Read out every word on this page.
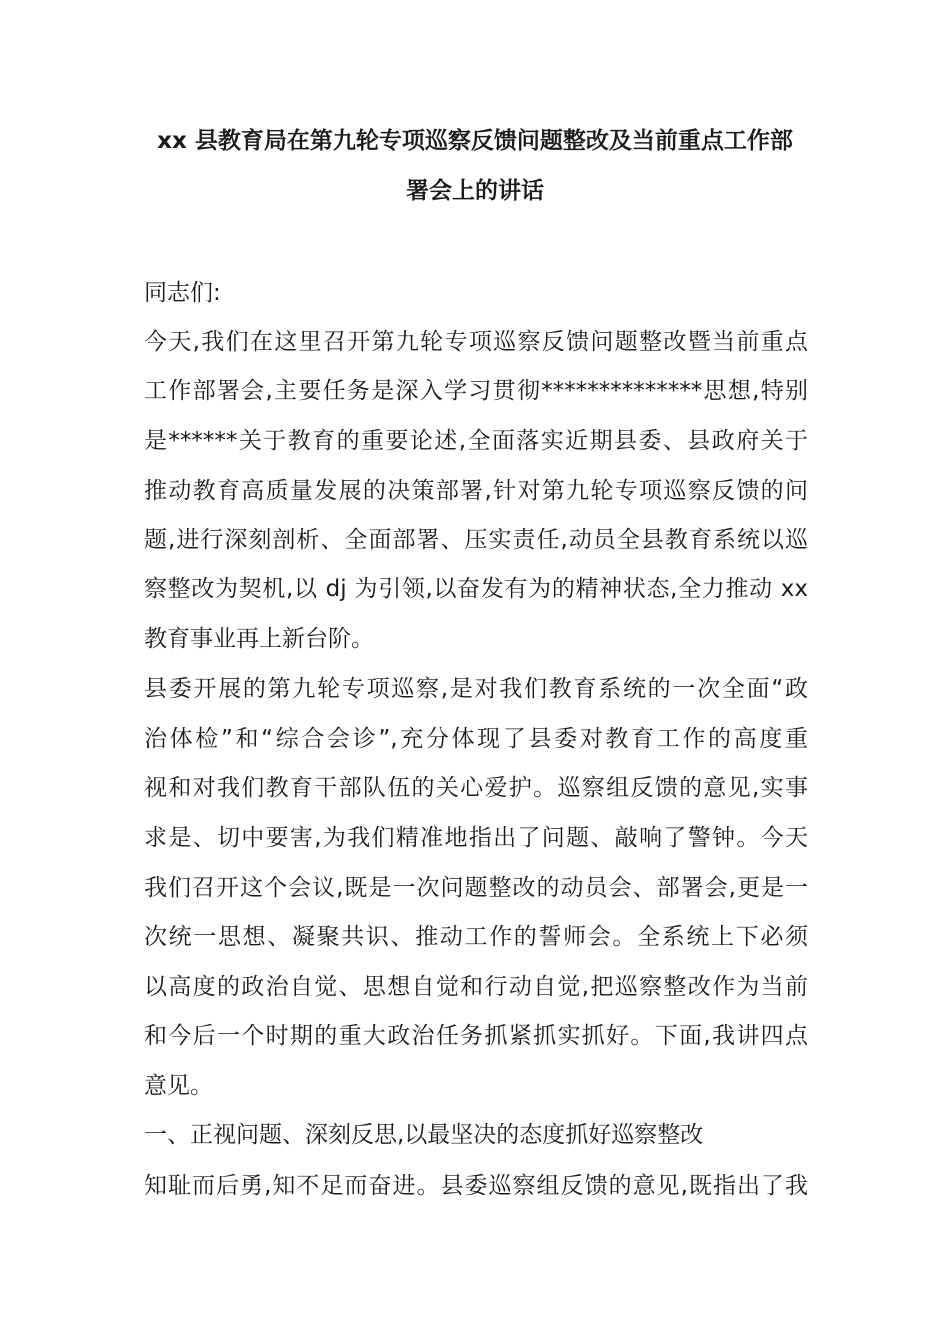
xx 县教育局在第九轮专项巡察反馈问题整改及当前重点工作部
署会上的讲话

同志们:

今天,我们在这里召开第九轮专项巡察反馈问题整改暨当前重点

工作部署会,主要任务是深入学习贯彻**************思想,特别

是******关于教育的重要论述,全面落实近期县委、县政府关于

推动教育高质量发展的决策部署,针对第九轮专项巡察反馈的问

题,进行深刻剖析、全面部署、压实责任,动员全县教育系统以巡

察整改为契机,以 dj 为引领,以奋发有为的精神状态,全力推动 xx

教育事业再上新台阶。

县委开展的第九轮专项巡察,是对我们教育系统的一次全面“政

治体检”和“综合会诊”,充分体现了县委对教育工作的高度重

视和对我们教育干部队伍的关心爱护。巡察组反馈的意见,实事

求是、切中要害,为我们精准地指出了问题、敲响了警钟。今天

我们召开这个会议,既是一次问题整改的动员会、部署会,更是一

次统一思想、凝聚共识、推动工作的誓师会。全系统上下必须

以高度的政治自觉、思想自觉和行动自觉,把巡察整改作为当前

和今后一个时期的重大政治任务抓紧抓实抓好。下面,我讲四点

意见。

一、正视问题、深刻反思,以最坚决的态度抓好巡察整改

知耻而后勇,知不足而奋进。县委巡察组反馈的意见,既指出了我
